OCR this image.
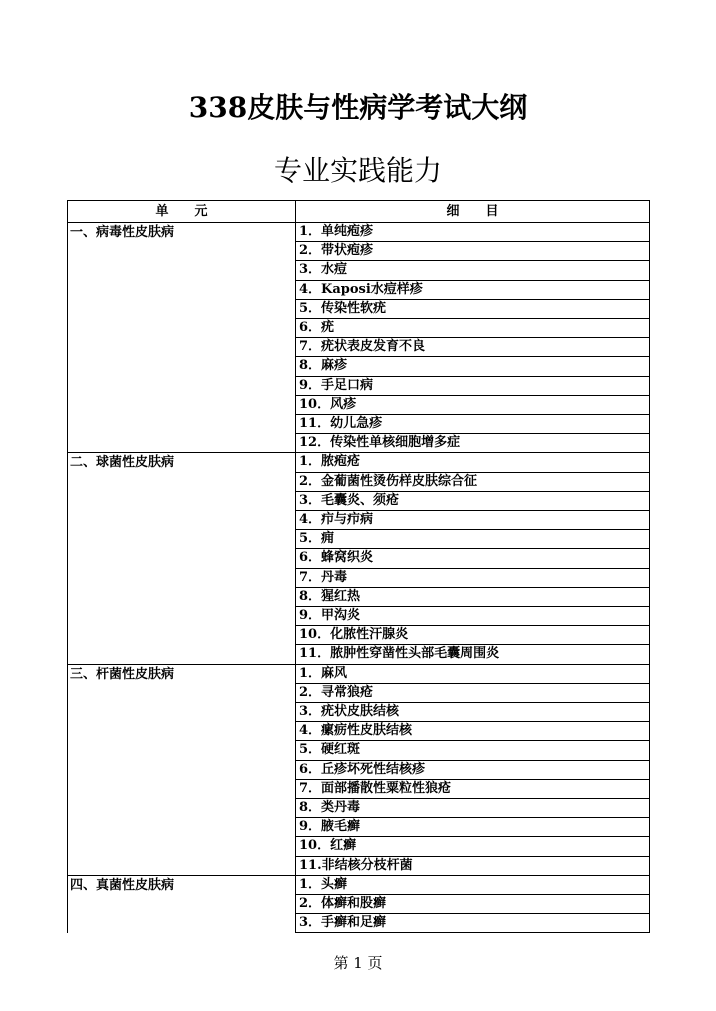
338皮肤与性病学考试大纲
专业实践能力
单　　元	细　　目
一、病毒性皮肤病	1．单纯疱疹
2．带状疱疹
3．水痘
4．Kaposi水痘样疹
5．传染性软疣
6．疣
7．疣状表皮发育不良
8．麻疹
9．手足口病
10．风疹
11．幼儿急疹
12．传染性单核细胞增多症
二、球菌性皮肤病	1．脓疱疮
2．金葡菌性烫伤样皮肤综合征
3．毛囊炎、须疮
4．疖与疖病
5．痈
6．蜂窝织炎
7．丹毒
8．猩红热
9．甲沟炎
10．化脓性汗腺炎
11．脓肿性穿凿性头部毛囊周围炎
三、杆菌性皮肤病	1．麻风
2．寻常狼疮
3．疣状皮肤结核
4．瘰疬性皮肤结核
5．硬红斑
6．丘疹坏死性结核疹
7．面部播散性粟粒性狼疮
8．类丹毒
9．腋毛癣
10．红癣
11.非结核分枝杆菌
四、真菌性皮肤病	1．头癣
2．体癣和股癣
3．手癣和足癣
第 1 页
